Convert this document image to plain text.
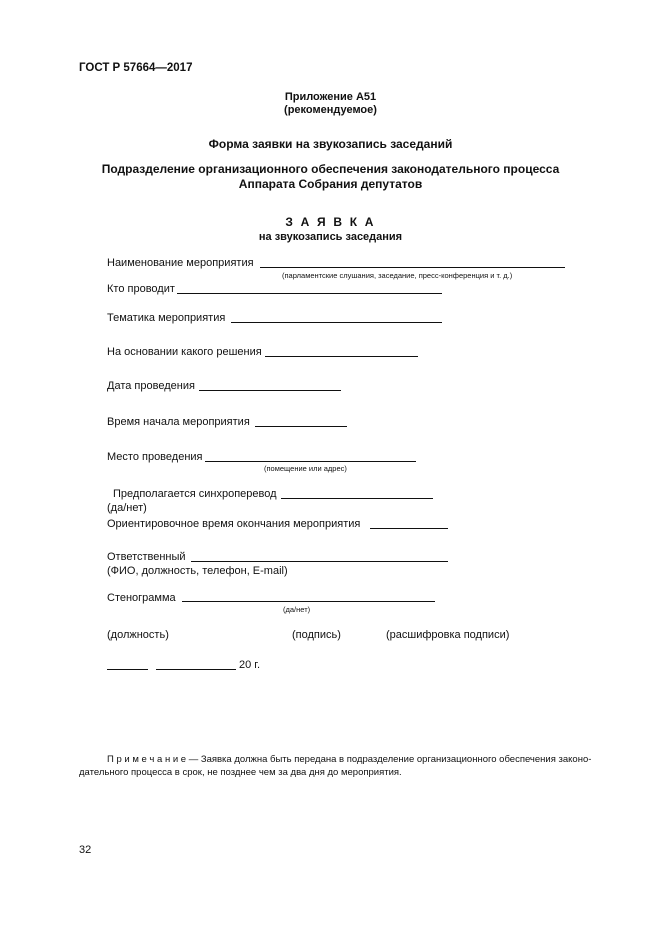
ГОСТ Р 57664—2017
Приложение А51
(рекомендуемое)
Форма заявки на звукозапись заседаний
Подразделение организационного обеспечения законодательного процесса
Аппарата Собрания депутатов
З А Я В К А
на звукозапись заседания
Наименование мероприятия
(парламентские слушания, заседание, пресс-конференция и т. д.)
Кто проводит
Тематика мероприятия
На основании какого решения
Дата проведения
Время начала мероприятия
Место проведения
(помещение или адрес)
Предполагается синхроперевод
(да/нет)
Ориентировочное время окончания мероприятия
Ответственный
(ФИО, должность, телефон, E-mail)
Стенограмма
(да/нет)
(должность)	(подпись)	(расшифровка подписи)
20 г.
П р и м е ч а н и е — Заявка должна быть передана в подразделение организационного обеспечения законо-
дательного процесса в срок, не позднее чем за два дня до мероприятия.
32
